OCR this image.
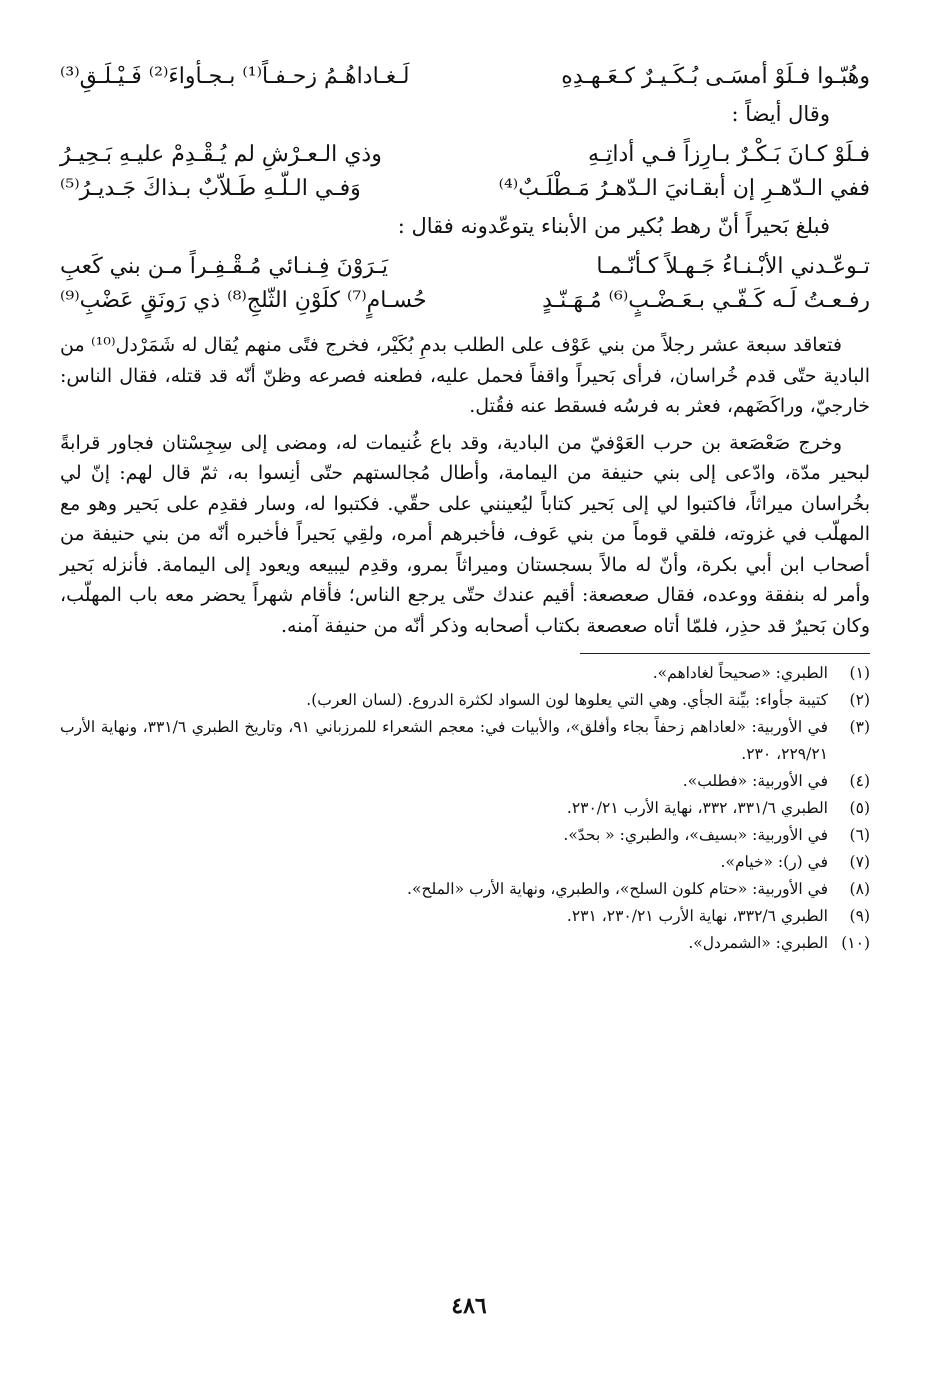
وهُبّـوا فـلَوْ أمسَـى بُـكَـيـرٌ كـعَـهـدِهِ
لَـغـاداهُـمُ زحـفـاً⁽¹⁾ بـجـأواءَ⁽²⁾ فَـيْـلَـقِ⁽³⁾
وقال أيضاً :
فـلَوْ كـانَ بَـكْـرٌ بـارِزاً فـي أداتِـهِ
وذي الـعـرْشِ لم يُـقْـدِمْ عليـهِ بَـحِيـرُ
ففي الـدّهـرِ إن أبقـانيَ الـدّهـرُ مَـطْلَـبٌ⁽⁴⁾
وَفـي الـلّـهِ طَـلاّبٌ بـذاكَ جَـديـرُ⁽⁵⁾
فبلغ بَحيراً أنّ رهط بُكير من الأبناء يتوعّدونه فقال :
تـوعّـدني الأبْـنـاءُ جَـهـلاً كـأنّـمـا
يَـرَوْنَ فِـنـائي مُـقْـفِـراً مـن بني كَعبِ
رفـعـتُ لَـه كَـفّـي بـعَـضْـبٍ⁽⁶⁾ مُـهَـنّـدٍ
حُسـامٍ⁽⁷⁾ كلَوْنِ الثّلجِ⁽⁸⁾ ذي رَونَقٍ عَضْبِ⁽⁹⁾

فتعاقد سبعة عشر رجلاً من بني عَوْف على الطلب بدمِ بُكَيْر، فخرج فتًى منهم يُقال له شَمَرْدل⁽¹⁰⁾ من البادية حتّى قدم خُراسان، فرأى بَحيراً واقفاً فحمل عليه، فطعنه فصرعه وظنّ أنّه قد قتله، فقال الناس: خارجيّ، وراكَضَهم، فعثر به فرسُه فسقط عنه فقُتل.

وخرج صَعْصَعة بن حرب العَوْفيّ من البادية، وقد باع غُنيمات له، ومضى إلى سِجِسْتان فجاور قرابةً لبحير مدّة، وادّعى إلى بني حنيفة من اليمامة، وأطال مُجالستهم حتّى أنِسوا به، ثمّ قال لهم: إنّ لي بخُراسان ميراثاً، فاكتبوا لي إلى بَحير كتاباً ليُعينني على حقّي. فكتبوا له، وسار فقدِم على بَحير وهو مع المهلّب في غزوته، فلقي قوماً من بني عَوف، فأخبرهم أمره، ولقِي بَحيراً فأخبره أنّه من بني حنيفة من أصحاب ابن أبي بكرة، وأنّ له مالاً بسجستان وميراثاً بمرو، وقدِم ليبيعه ويعود إلى اليمامة. فأنزله بَحير وأمر له بنفقة ووعده، فقال صعصعة: أقيم عندك حتّى يرجع الناس؛ فأقام شهراً يحضر معه باب المهلّب، وكان بَحيرٌ قد حذِر، فلمّا أتاه صعصعة بكتاب أصحابه وذكر أنّه من حنيفة آمنه.

(١)
الطبري: «صحيحاً لغاداهم».
(٢)
كتيبة جأواء: بيِّنة الجأي. وهي التي يعلوها لون السواد لكثرة الدروع. (لسان العرب).
(٣)
في الأوربية: «لعاداهم زحفاً بجاء وأفلق»، والأبيات في: معجم الشعراء للمرزباني ٩١، وتاريخ الطبري ٣٣١/٦، ونهاية الأرب ٢٢٩/٢١، ٢٣٠.
(٤)
في الأوربية: «فطلب».
(٥)
الطبري ٣٣١/٦، ٣٣٢، نهاية الأرب ٢٣٠/٢١.
(٦)
في الأوربية: «بسيف»، والطبري: « بحدّ».
(٧)
في (ر): «خيام».
(٨)
في الأوربية: «حتام كلون السلح»، والطبري، ونهاية الأرب «الملح».
(٩)
الطبري ٣٣٢/٦، نهاية الأرب ٢٣٠/٢١، ٢٣١.
(١٠)
الطبري: «الشمردل».
٤٨٦
